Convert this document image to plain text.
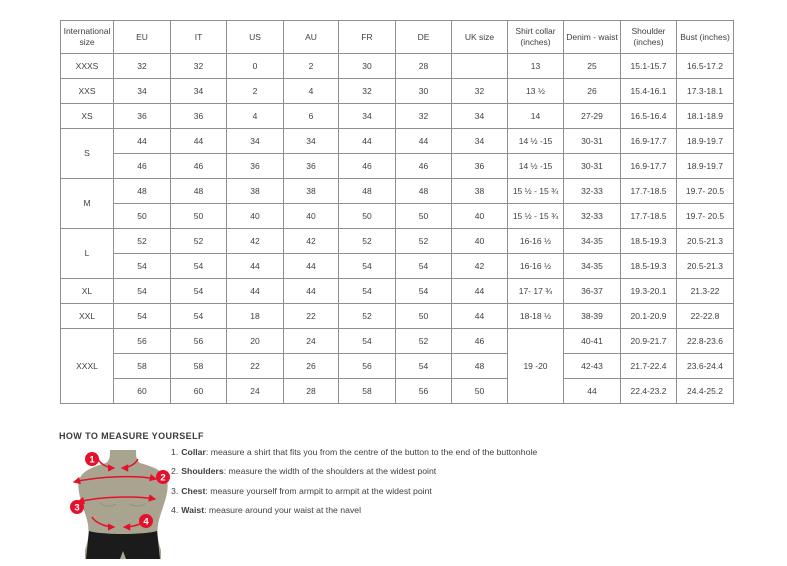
International size	EU	IT	US	AU	FR	DE	UK size	Shirt collar (inches)	Denim - waist	Shoulder (inches)	Bust (inches)
XXXS	32	32	0	2	30	28		13	25	15.1-15.7	16.5-17.2
XXS	34	34	2	4	32	30	32	13 ½	26	15.4-16.1	17.3-18.1
XS	36	36	4	6	34	32	34	14	27-29	16.5-16.4	18.1-18.9
S	44	44	34	34	44	44	34	14 ½ -15	30-31	16.9-17.7	18.9-19.7
	46	46	36	36	46	46	36	14 ½ -15	30-31	16.9-17.7	18.9-19.7
M	48	48	38	38	48	48	38	15 ½ - 15 ¾	32-33	17.7-18.5	19.7- 20.5
	50	50	40	40	50	50	40	15 ½ - 15 ¾	32-33	17.7-18.5	19.7- 20.5
L	52	52	42	42	52	52	40	16-16 ½	34-35	18.5-19.3	20.5-21.3
	54	54	44	44	54	54	42	16-16 ½	34-35	18.5-19.3	20.5-21.3
XL	54	54	44	44	54	54	44	17- 17 ¾	36-37	19.3-20.1	21.3-22
XXL	54	54	18	22	52	50	44	18-18 ½	38-39	20.1-20.9	22-22.8
XXXL	56	56	20	24	54	52	46	19 -20	40-41	20.9-21.7	22.8-23.6
	58	58	22	26	56	54	48		42-43	21.7-22.4	23.6-24.4
	60	60	24	28	58	56	50		44	22.4-23.2	24.4-25.2
HOW TO MEASURE YOURSELF
1. Collar: measure a shirt that fits you from the centre of the button to the end of the buttonhole
2. Shoulders: measure the width of the shoulders at the widest point
3. Chest: measure yourself from armpit to armpit at the widest point
4. Waist: measure around your waist at the navel
1
2
3
4
